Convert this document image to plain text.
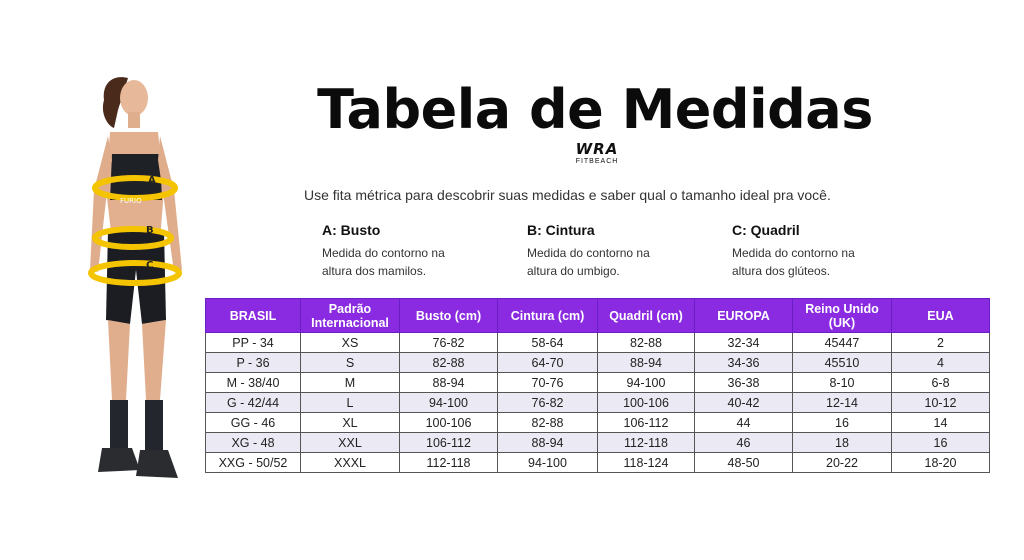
Tabela de Medidas
WRA
FITBEACH
Use fita métrica para descobrir suas medidas e saber qual o tamanho ideal pra você.
A: Busto
Medida do contorno na
altura dos mamilos.
B: Cintura
Medida do contorno na
altura do umbigo.
C: Quadril
Medida do contorno na
altura dos glúteos.
A
B
C
FURIO
BRASIL	Padrão Internacional	Busto (cm)	Cintura (cm)	Quadril (cm)	EUROPA	Reino Unido (UK)	EUA
PP - 34	XS	76-82	58-64	82-88	32-34	45447	2
P - 36	S	82-88	64-70	88-94	34-36	45510	4
M - 38/40	M	88-94	70-76	94-100	36-38	8-10	6-8
G - 42/44	L	94-100	76-82	100-106	40-42	12-14	10-12
GG - 46	XL	100-106	82-88	106-112	44	16	14
XG - 48	XXL	106-112	88-94	112-118	46	18	16
XXG - 50/52	XXXL	112-118	94-100	118-124	48-50	20-22	18-20
